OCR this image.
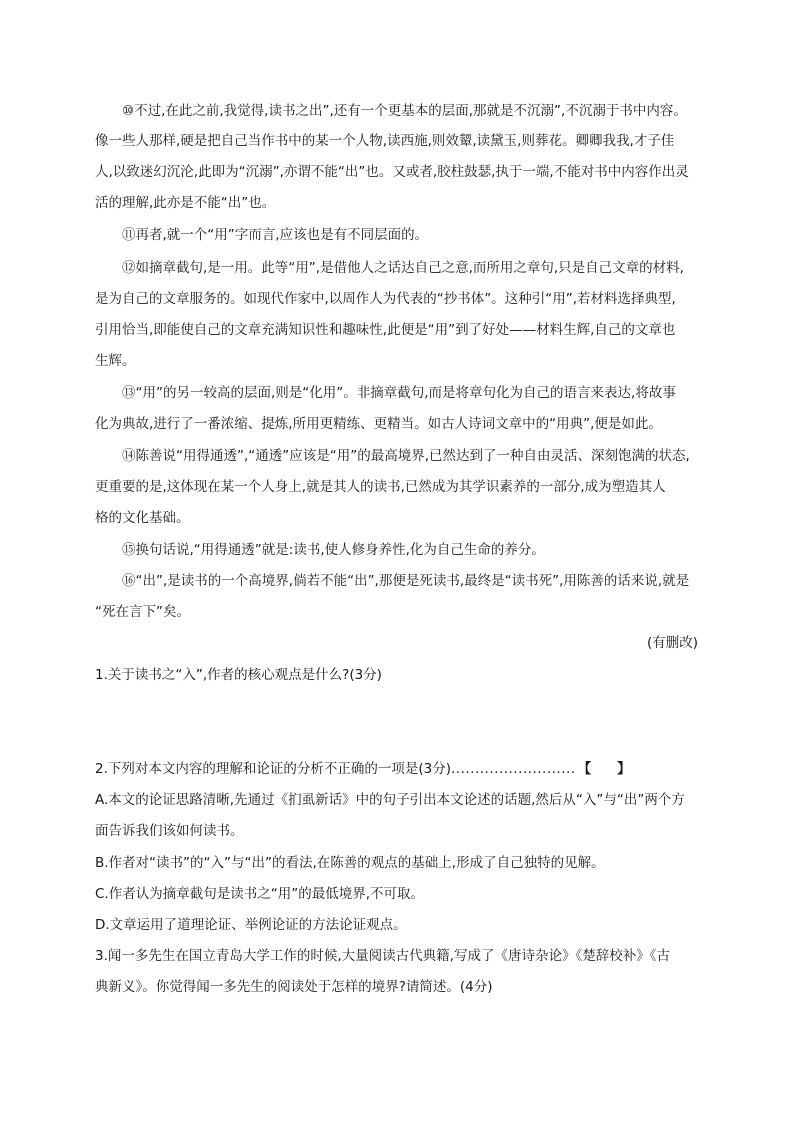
⑩不过,在此之前,我觉得,读书之出”,还有一个更基本的层面,那就是不沉溺”,不沉溺于书中内容。
像一些人那样,硬是把自己当作书中的某一个人物,读西施,则效颦,读黛玉,则葬花。卿卿我我,才子佳
人,以致迷幻沉沦,此即为“沉溺”,亦谓不能“出”也。又或者,胶柱鼓瑟,执于一端,不能对书中内容作出灵
活的理解,此亦是不能“出”也。
⑪再者,就一个“用”字而言,应该也是有不同层面的。
⑫如摘章截句,是一用。此等“用”,是借他人之话达自己之意,而所用之章句,只是自己文章的材料,
是为自己的文章服务的。如现代作家中,以周作人为代表的“抄书体”。这种引“用”,若材料选择典型,
引用恰当,即能使自己的文章充满知识性和趣味性,此便是“用”到了好处——材料生辉,自己的文章也
生辉。
⑬“用”的另一较高的层面,则是“化用”。非摘章截句,而是将章句化为自己的语言来表达,将故事
化为典故,进行了一番浓缩、提炼,所用更精练、更精当。如古人诗词文章中的“用典”,便是如此。
⑭陈善说“用得通透”,“通透”应该是“用”的最高境界,已然达到了一种自由灵活、深刻饱满的状态,
更重要的是,这体现在某一个人身上,就是其人的读书,已然成为其学识素养的一部分,成为塑造其人
格的文化基础。
⑮换句话说,“用得通透”就是:读书,使人修身养性,化为自己生命的养分。
⑯“出”,是读书的一个高境界,倘若不能“出”,那便是死读书,最终是“读书死”,用陈善的话来说,就是
“死在言下”矣。
(有删改)
1.关于读书之“入”,作者的核心观点是什么?(3分)
2.下列对本文内容的理解和论证的分析不正确的一项是(3分).......................... 【 】
A.本文的论证思路清晰,先通过《扪虱新话》中的句子引出本文论述的话题,然后从“入”与“出”两个方
面告诉我们该如何读书。
B.作者对“读书”的“入”与“出”的看法,在陈善的观点的基础上,形成了自己独特的见解。
C.作者认为摘章截句是读书之“用”的最低境界,不可取。
D.文章运用了道理论证、举例论证的方法论证观点。
3.闻一多先生在国立青岛大学工作的时候,大量阅读古代典籍,写成了《唐诗杂论》《楚辞校补》《古
典新义》。你觉得闻一多先生的阅读处于怎样的境界?请简述。(4分)
